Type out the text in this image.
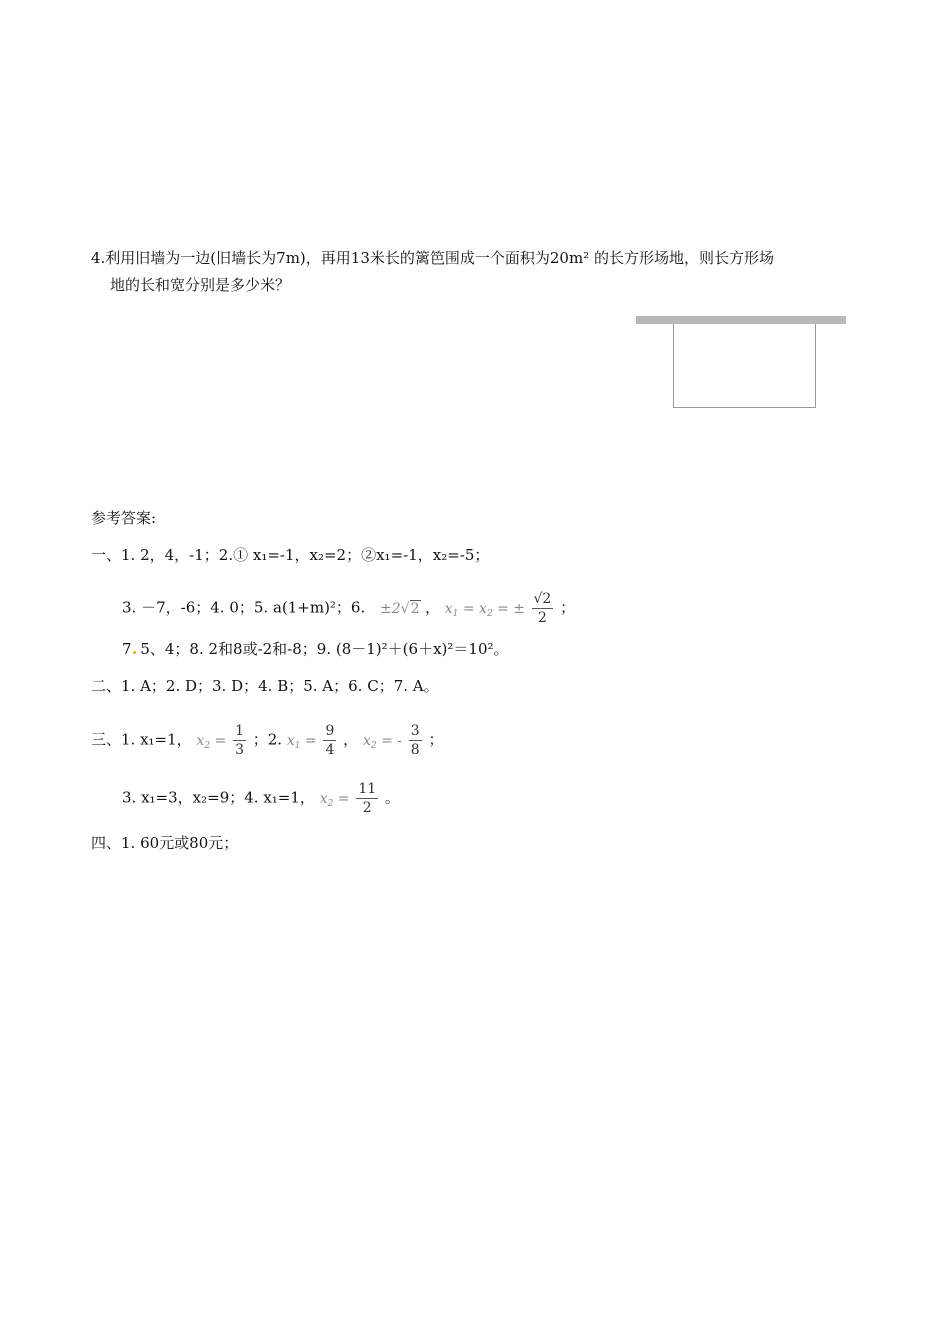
4.利用旧墙为一边(旧墙长为7m)，再用13米长的篱笆围成一个面积为20m² 的长方形场地，则长方形场
地的长和宽分别是多少米？
参考答案:
一、1. 2，4，-1；2.① x₁=-1，x₂=2；②x₁=-1，x₂=-5；
3. －7，-6；4. 0；5. a(1+m)²；6. ±2√2 ， $x_1 = x_2$ = ± $\frac{√2}{2}$ ；
7 5、4；8. 2和8或-2和-8；9. (8－1)²＋(6＋x)²＝10²。
二、1. A；2. D；3. D；4. B；5. A；6. C；7. A。
三、1. x₁=1， $x_2 = \frac{1}{3}$ ；2. $x_1 = \frac{9}{4}$ ， $x_2$ = - $\frac{3}{8}$ ；
3. x₁=3，x₂=9；4. x₁=1， $x_2 = \frac{11}{2}$ 。
四、1. 60元或80元；
